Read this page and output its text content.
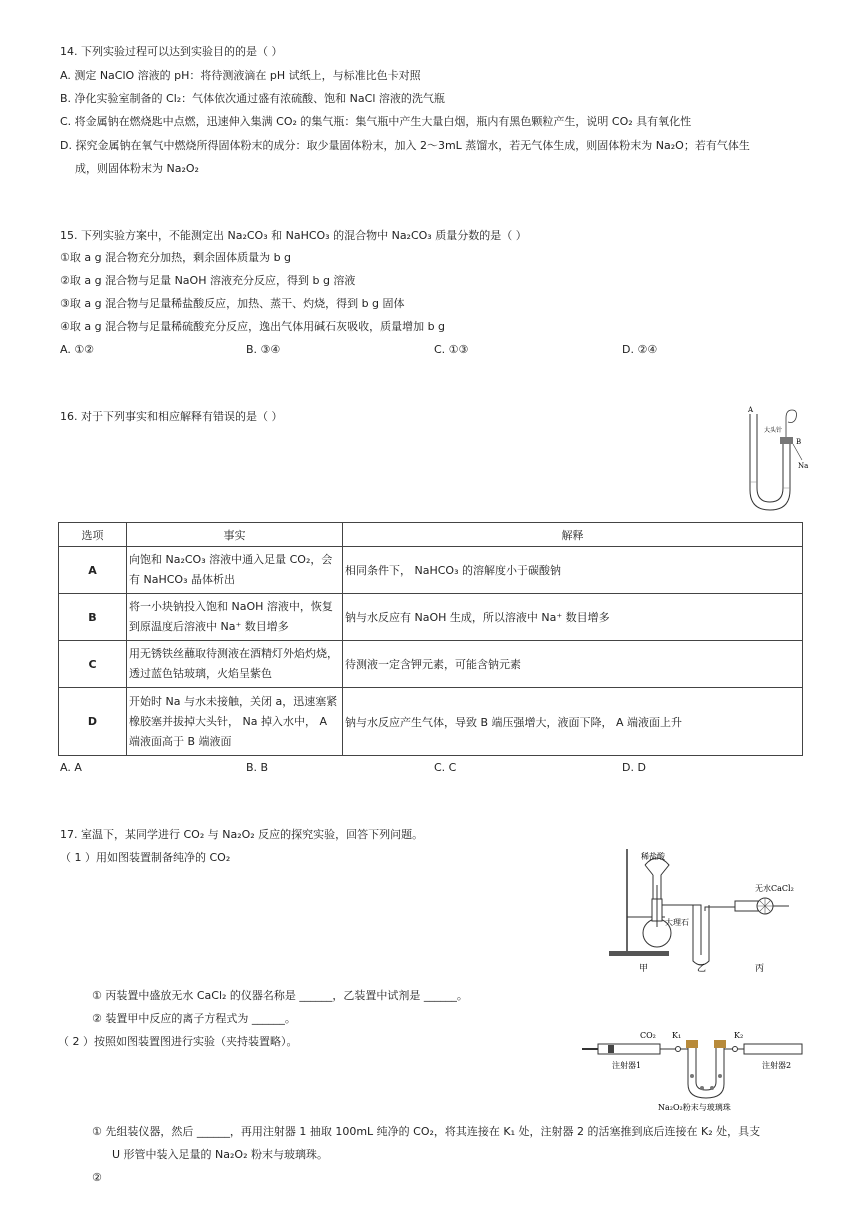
14. 下列实验过程可以达到实验目的的是（ ）
A. 测定 NaClO 溶液的 pH：将待测液滴在 pH 试纸上，与标准比色卡对照
B. 净化实验室制备的 Cl₂：气体依次通过盛有浓硫酸、饱和 NaCl 溶液的洗气瓶
C. 将金属钠在燃烧匙中点燃，迅速伸入集满 CO₂ 的集气瓶：集气瓶中产生大量白烟，瓶内有黑色颗粒产生，说明 CO₂ 具有氧化性
D. 探究金属钠在氧气中燃烧所得固体粉末的成分：取少量固体粉末，加入 2～3mL 蒸馏水，若无气体生成，则固体粉末为 Na₂O；若有气体生
成，则固体粉末为 Na₂O₂
15. 下列实验方案中，不能测定出 Na₂CO₃ 和 NaHCO₃ 的混合物中 Na₂CO₃ 质量分数的是（ ）
①取 a g 混合物充分加热，剩余固体质量为 b g
②取 a g 混合物与足量 NaOH 溶液充分反应，得到 b g 溶液
③取 a g 混合物与足量稀盐酸反应，加热、蒸干、灼烧，得到 b g 固体
④取 a g 混合物与足量稀硫酸充分反应，逸出气体用碱石灰吸收，质量增加 b g
A. ①②	B. ③④	C. ①③	D. ②④
16. 对于下列事实和相应解释有错误的是（ ）	A
大头针
B
Na
选项	事实	解释
A	向饱和 Na₂CO₃ 溶液中通入足量 CO₂，会有 NaHCO₃ 晶体析出	相同条件下， NaHCO₃ 的溶解度小于碳酸钠
B	将一小块钠投入饱和 NaOH 溶液中，恢复到原温度后溶液中 Na⁺ 数目增多	钠与水反应有 NaOH 生成，所以溶液中 Na⁺ 数目增多
C	用无锈铁丝蘸取待测液在酒精灯外焰灼烧，透过蓝色钴玻璃，火焰呈紫色	待测液一定含钾元素，可能含钠元素
D	开始时 Na 与水未接触，关闭 a，迅速塞紧橡胶塞并拔掉大头针， Na 掉入水中， A 端液面高于 B 端液面	钠与水反应产生气体，导致 B 端压强增大，液面下降， A 端液面上升
A. A	B. B	C. C	D. D
17. 室温下，某同学进行 CO₂ 与 Na₂O₂ 反应的探究实验，回答下列问题。
（ 1 ）用如图装置制备纯净的 CO₂	稀盐酸
大理石
无水CaCl₂
甲	乙	丙
① 丙装置中盛放无水 CaCl₂ 的仪器名称是 ______，乙装置中试剂是 ______。
② 装置甲中反应的离子方程式为 ______。
（ 2 ）按照如图装置图进行实验（夹持装置略）。	CO₂ K₁	K₂
注射器1	注射器2
Na₂O₂粉末与玻璃珠
① 先组装仪器，然后 ______，再用注射器 1 抽取 100mL 纯净的 CO₂，将其连接在 K₁ 处，注射器 2 的活塞推到底后连接在 K₂ 处，具支
U 形管中装入足量的 Na₂O₂ 粉末与玻璃珠。
②
